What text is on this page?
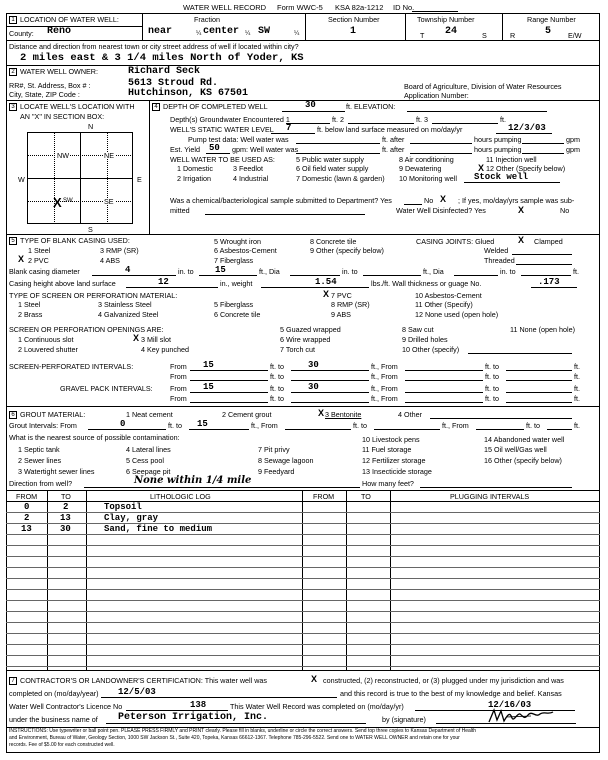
WATER WELL RECORD Form WWC-5 KSA 82a-1212 ID No.
1 LOCATION OF WATER WELL:	Fraction
County: Reno	near	¼ center ¼ SW	¼
Section Number
1
Township Number
T 24	S
Range Number
R	5 E/W
Distance and direction from nearest town or city street address of well if located within city?
2 miles east & 3 1/4 miles North of Yoder, KS
2 WATER WELL OWNER:	Richard Seck
RR#, St. Address, Box # :	5613 Stroud Rd.
City, State, ZIP Code :	Hutchinson, KS 67501
Board of Agriculture, Division of Water Resources
Application Number:
3 LOCATE WELL'S LOCATION WITH
AN "X" IN SECTION BOX:
N
S
W	E
NW	NE
SE
SW
X
4 DEPTH OF COMPLETED WELL	30	ft. ELEVATION:
Depth(s) Groundwater Encountered 1	ft. 2	ft. 3	ft.
WELL'S STATIC WATER LEVEL 7	ft. below land surface measured on mo/day/yr	12/3/03
Pump test data: Well water was	ft. after	hours pumping	gpm
Est. Yield 50 gpm: Well water was	ft. after	hours pumping	gpm
WELL WATER TO BE USED AS:
1 Domestic	3 Feedlot
5 Public water supply	8 Air conditioning	11 Injection well
2 Irrigation	4 Industrial
6 Oil field water supply	9 Dewatering	X 12 Other (Specify below)
7 Domestic (lawn & garden) 10 Monitoring well Stock well
Was a chemical/bacteriological sample submitted to Department? Yes	No X ; If yes, mo/day/yrs sample was sub-
mitted	Water Well Disinfected? Yes	X	No
5 TYPE OF BLANK CASING USED:
1 Steel
X 2 PVC
3 RMP (SR)
4 ABS
5 Wrought iron
6 Asbestos-Cement
7 Fiberglass
8 Concrete tile
9 Other (specify below)
CASING JOINTS: Glued	X Clamped
Welded
Threaded
Blank casing diameter	4	in. to 15	ft., Dia	in. to	ft., Dia	in. to	ft.
Casing height above land surface	12	in., weight	1.54	lbs./ft. Wall thickness or guage No.	.173
TYPE OF SCREEN OR PERFORATION MATERIAL:
1 Steel
2 Brass
3 Stainless Steel
4 Galvanized Steel
5 Fiberglass
6 Concrete tile
X 7 PVC
8 RMP (SR)
9 ABS
10 Asbestos-Cement
11 Other (Specify)
12 None used (open hole)
SCREEN OR PERFORATION OPENINGS ARE:
1 Continuous slot
2 Louvered shutter
X 3 Mill slot
4 Key punched
5 Guazed wrapped
6 Wire wrapped
7 Torch cut
8 Saw cut
9 Drilled holes
10 Other (specify)
11 None (open hole)
SCREEN-PERFORATED INTERVALS:	From 15	ft. to	30	ft., From	ft. to	ft.
From	ft. to	ft., From	ft. to	ft.
GRAVEL PACK INTERVALS: From 15	ft. to	30	ft., From	ft. to	ft.
From	ft. to	ft., From	ft. to	ft.
6 GROUT MATERIAL:	1 Neat cement	2 Cement grout	X 3 Bentonite	4 Other
Grout Intervals: From	0	ft. to 15	ft., From	ft. to	ft., From	ft. to	ft.
What is the nearest source of possible contamination:
1 Septic tank	4 Lateral lines	7 Pit privy
10 Livestock pens	14 Abandoned water well
2 Sewer lines	5 Cess pool	8 Sewage lagoon
11 Fuel storage	15 Oil well/Gas well
3 Watertight sewer lines	6 Seepage pit	9 Feedyard
12 Fertilizer storage	16 Other (specify below)
13 Insecticide storage
Direction from well?	None within 1/4 mile	How many feet?
FROM	TO	LITHOLOGIC LOG	FROM	TO	PLUGGING INTERVALS
0	2	Topsoil
2	13	Clay, gray
13	30	Sand, fine to medium
7 CONTRACTOR'S OR LANDOWNER'S CERTIFICATION: This water well was	X constructed, (2) reconstructed, or (3) plugged under my jurisdiction and was
completed on (mo/day/year) 12/5/03	and this record is true to the best of my knowledge and belief. Kansas
Water Well Contractor's Licence No	138	This Water Well Record was completed on (mo/day/yr)	12/16/03
under the business name of Peterson Irrigation, Inc.	by (signature)
INSTRUCTIONS: Use typewriter or ball point pen. PLEASE PRESS FIRMLY and PRINT clearly. Please fill in blanks, underline or circle the correct answers. Send top three copies to Kansas Department of Health
and Environment, Bureau of Water, Geology Section, 1000 SW Jackson St., Suite 420, Topeka, Kansas 66612-1367. Telephone 785-296-5522. Send one to WATER WELL OWNER and retain one for your
records. Fee of $5.00 for each constructed well.
